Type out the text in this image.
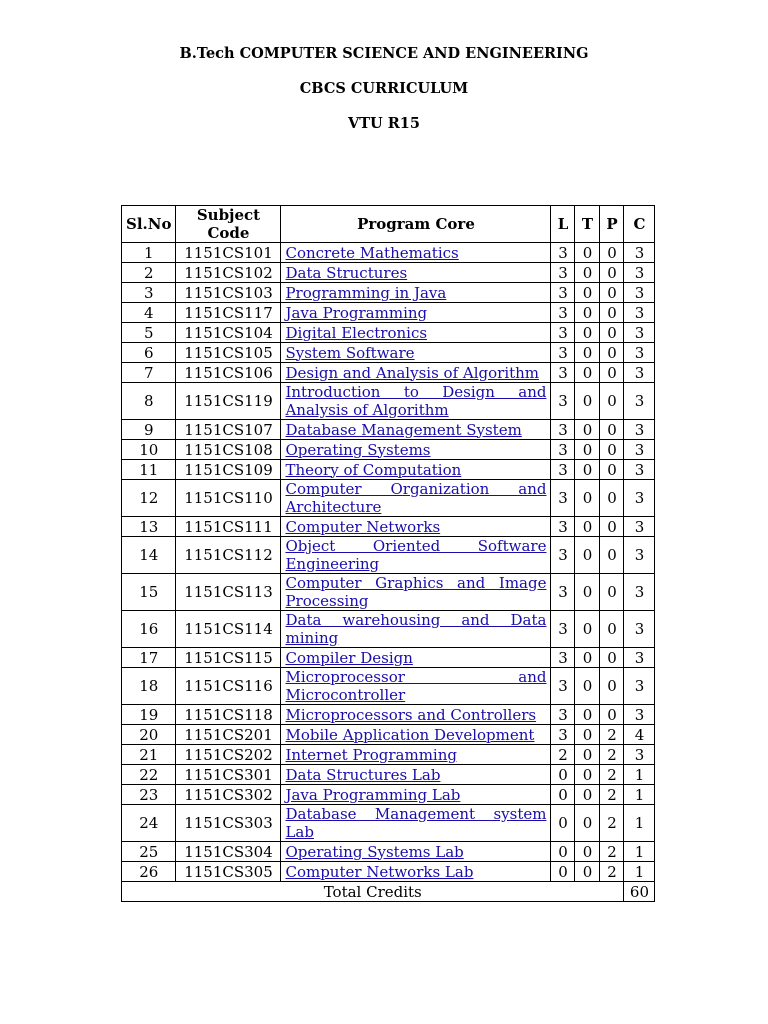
B.Tech COMPUTER SCIENCE AND ENGINEERING
CBCS CURRICULUM
VTU R15
Sl.No	Subject Code	Program Core	L	T	P	C
1	1151CS101	Concrete Mathematics	3	0	0	3
2	1151CS102	Data Structures	3	0	0	3
3	1151CS103	Programming in Java	3	0	0	3
4	1151CS117	Java Programming	3	0	0	3
5	1151CS104	Digital Electronics	3	0	0	3
6	1151CS105	System Software	3	0	0	3
7	1151CS106	Design and Analysis of Algorithm	3	0	0	3
8	1151CS119	Introduction to Design and Analysis of Algorithm	3	0	0	3
9	1151CS107	Database Management System	3	0	0	3
10	1151CS108	Operating Systems	3	0	0	3
11	1151CS109	Theory of Computation	3	0	0	3
12	1151CS110	Computer Organization and Architecture	3	0	0	3
13	1151CS111	Computer Networks	3	0	0	3
14	1151CS112	Object Oriented Software Engineering	3	0	0	3
15	1151CS113	Computer Graphics and Image Processing	3	0	0	3
16	1151CS114	Data warehousing and Data mining	3	0	0	3
17	1151CS115	Compiler Design	3	0	0	3
18	1151CS116	Microprocessor and Microcontroller	3	0	0	3
19	1151CS118	Microprocessors and Controllers	3	0	0	3
20	1151CS201	Mobile Application Development	3	0	2	4
21	1151CS202	Internet Programming	2	0	2	3
22	1151CS301	Data Structures Lab	0	0	2	1
23	1151CS302	Java Programming Lab	0	0	2	1
24	1151CS303	Database Management system Lab	0	0	2	1
25	1151CS304	Operating Systems Lab	0	0	2	1
26	1151CS305	Computer Networks Lab	0	0	2	1
Total Credits						60
